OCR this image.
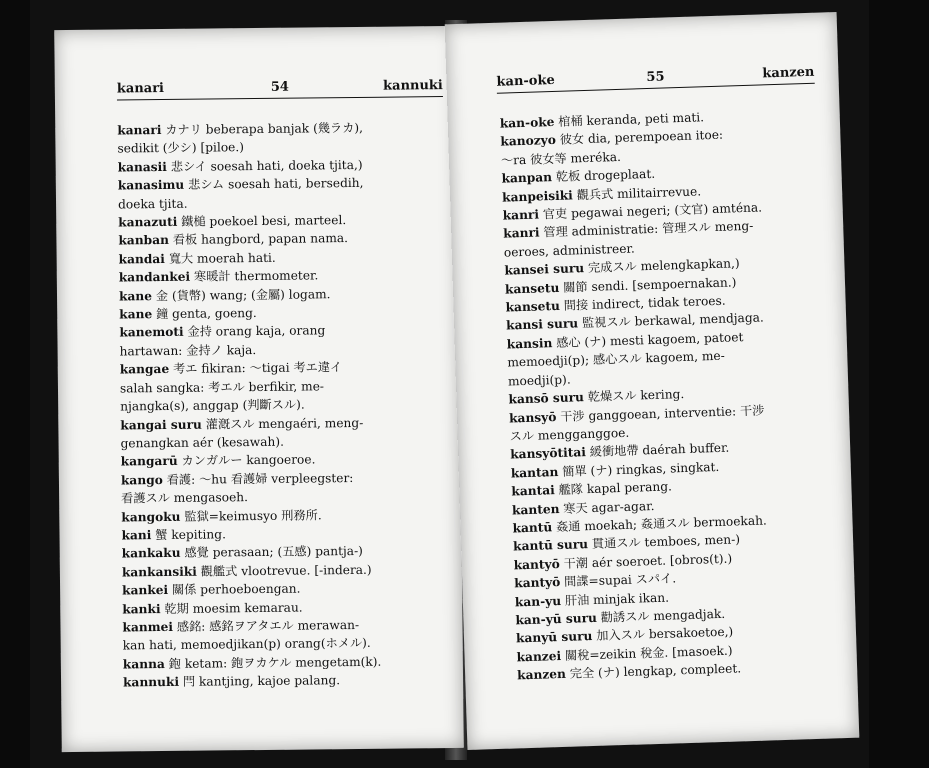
kanari	54	kannuki
kanari カナリ beberapa banjak (幾ラカ),
sedikit (少シ) [piloe.)
kanasii 悲シイ soesah hati, doeka tjita,)
kanasimu 悲シム soesah hati, bersedih,
doeka tjita.
kanazuti 鐵槌 poekoel besi, marteel.
kanban 看板 hangbord, papan nama.
kandai 寬大 moerah hati.
kandankei 寒暖計 thermometer.
kane 金 (貨幣) wang; (金屬) logam.
kane 鐘 genta, goeng.
kanemoti 金持 orang kaja, orang
hartawan: 金持ノ kaja.
kangae 考エ fikiran: ～tigai 考エ違イ
salah sangka: 考エル berfikir, me-
njangka(s), anggap (判斷スル).
kangai suru 灌漑スル mengaéri, meng-
genangkan aér (kesawah).
kangarū カンガルー kangoeroe.
kango 看護: ～hu 看護婦 verpleegster:
看護スル mengasoeh.
kangoku 監獄=keimusyo 刑務所.
kani 蟹 kepiting.
kankaku 感覺 perasaan; (五感) pantja-)
kankansiki 觀艦式 vlootrevue. [-indera.)
kankei 關係 perhoeboengan.
kanki 乾期 moesim kemarau.
kanmei 感銘: 感銘ヲアタエル merawan-
kan hati, memoedjikan(p) orang(ホメル).
kanna 鉋 ketam: 鉋ヲカケル mengetam(k).
kannuki 閂 kantjing, kajoe palang.
kan-oke	55	kanzen
kan-oke 棺桶 keranda, peti mati.
kanozyo 彼女 dia, perempoean itoe:
～ra 彼女等 meréka.
kanpan 乾板 drogeplaat.
kanpeisiki 觀兵式 militairrevue.
kanri 官吏 pegawai negeri; (文官) amténa.
kanri 管理 administratie: 管理スル meng-
oeroes, administreer.
kansei suru 完成スル melengkapkan,)
kansetu 關節 sendi. [sempoernakan.)
kansetu 間接 indirect, tidak teroes.
kansi suru 監視スル berkawal, mendjaga.
kansin 感心 (ナ) mesti kagoem, patoet
memoedji(p); 感心スル kagoem, me-
moedji(p).
kansō suru 乾燥スル kering.
kansyō 干涉 ganggoean, interventie: 干涉
スル mengganggoe.
kansyōtitai 緩衝地帶 daérah buffer.
kantan 簡單 (ナ) ringkas, singkat.
kantai 艦隊 kapal perang.
kanten 寒天 agar-agar.
kantū 姦通 moekah; 姦通スル bermoekah.
kantū suru 貫通スル temboes, men-)
kantyō 干潮 aér soeroet. [obros(t).)
kantyō 間諜=supai スパイ.
kan-yu 肝油 minjak ikan.
kan-yū suru 勸誘スル mengadjak.
kanyū suru 加入スル bersakoetoe,)
kanzei 關稅=zeikin 稅金. [masoek.)
kanzen 完全 (ナ) lengkap, compleet.
